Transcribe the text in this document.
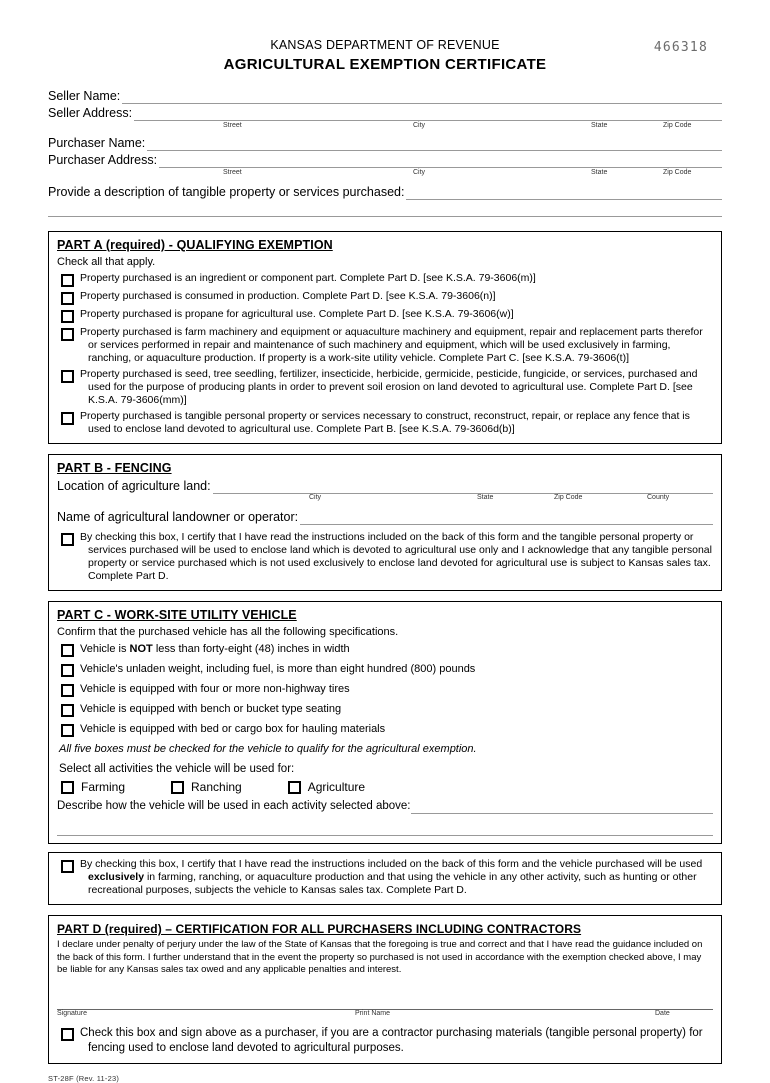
KANSAS DEPARTMENT OF REVENUE
AGRICULTURAL EXEMPTION CERTIFICATE
466318
Seller Name:
Seller Address:
Street	City	State	Zip Code
Purchaser Name:
Purchaser Address:
Street	City	State	Zip Code
Provide a description of tangible property or services purchased:
PART A (required) - QUALIFYING EXEMPTION
Check all that apply.
Property purchased is an ingredient or component part. Complete Part D. [see K.S.A. 79-3606(m)]
Property purchased is consumed in production. Complete Part D. [see K.S.A. 79-3606(n)]
Property purchased is propane for agricultural use. Complete Part D. [see K.S.A. 79-3606(w)]
Property purchased is farm machinery and equipment or aquaculture machinery and equipment, repair and replacement parts therefor or services performed in repair and maintenance of such machinery and equipment, which will be used exclusively in farming, ranching, or aquaculture production. If property is a work-site utility vehicle. Complete Part C. [see K.S.A. 79-3606(t)]
Property purchased is seed, tree seedling, fertilizer, insecticide, herbicide, germicide, pesticide, fungicide, or services, purchased and used for the purpose of producing plants in order to prevent soil erosion on land devoted to agricultural use. Complete Part D. [see K.S.A. 79-3606(mm)]
Property purchased is tangible personal property or services necessary to construct, reconstruct, repair, or replace any fence that is used to enclose land devoted to agricultural use. Complete Part B. [see K.S.A. 79-3606d(b)]
PART B - FENCING
Location of agriculture land:
City	State	Zip Code	County
Name of agricultural landowner or operator:
By checking this box, I certify that I have read the instructions included on the back of this form and the tangible personal property or services purchased will be used to enclose land which is devoted to agricultural use only and I acknowledge that any tangible personal property or service purchased which is not used exclusively to enclose land devoted for agricultural use is subject to Kansas sales tax. Complete Part D.
PART C - WORK-SITE UTILITY VEHICLE
Confirm that the purchased vehicle has all the following specifications.
Vehicle is NOT less than forty-eight (48) inches in width
Vehicle's unladen weight, including fuel, is more than eight hundred (800) pounds
Vehicle is equipped with four or more non-highway tires
Vehicle is equipped with bench or bucket type seating
Vehicle is equipped with bed or cargo box for hauling materials
All five boxes must be checked for the vehicle to qualify for the agricultural exemption.
Select all activities the vehicle will be used for:
Farming	Ranching	Agriculture
Describe how the vehicle will be used in each activity selected above:
By checking this box, I certify that I have read the instructions included on the back of this form and the vehicle purchased will be used exclusively in farming, ranching, or aquaculture production and that using the vehicle in any other activity, such as hunting or other recreational purposes, subjects the vehicle to Kansas sales tax. Complete Part D.
PART D (required) – CERTIFICATION FOR ALL PURCHASERS INCLUDING CONTRACTORS
I declare under penalty of perjury under the law of the State of Kansas that the foregoing is true and correct and that I have read the guidance included on the back of this form. I further understand that in the event the property so purchased is not used in accordance with the exemption checked above, I may be liable for any Kansas sales tax owed and any applicable penalties and interest.
Signature	Print Name	Date
Check this box and sign above as a purchaser, if you are a contractor purchasing materials (tangible personal property) for fencing used to enclose land devoted to agricultural purposes.
ST-28F (Rev. 11-23)
